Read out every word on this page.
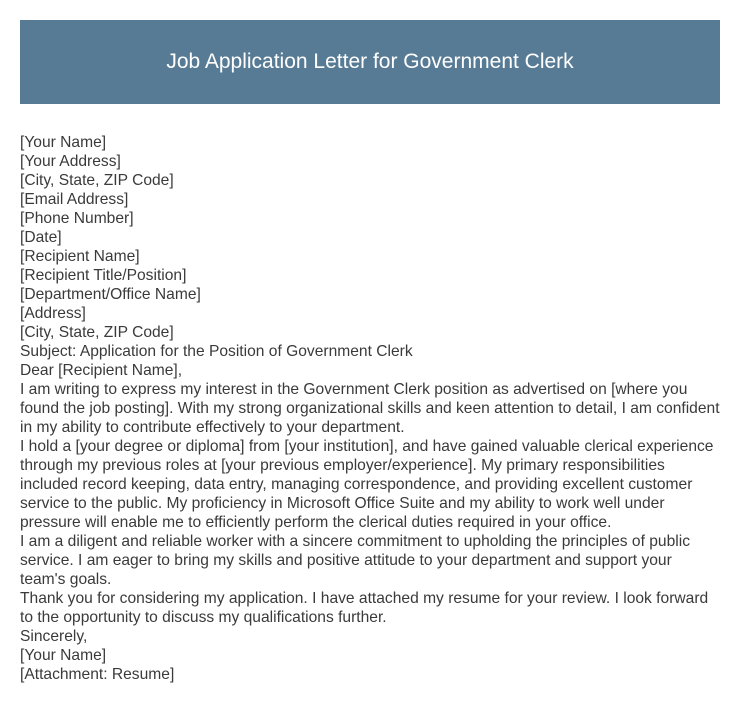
Job Application Letter for Government Clerk
[Your Name]
[Your Address]
[City, State, ZIP Code]
[Email Address]
[Phone Number]
[Date]
[Recipient Name]
[Recipient Title/Position]
[Department/Office Name]
[Address]
[City, State, ZIP Code]
Subject: Application for the Position of Government Clerk
Dear [Recipient Name],

I am writing to express my interest in the Government Clerk position as advertised on [where you found the job posting]. With my strong organizational skills and keen attention to detail, I am confident in my ability to contribute effectively to your department.

I hold a [your degree or diploma] from [your institution], and have gained valuable clerical experience through my previous roles at [your previous employer/experience]. My primary responsibilities included record keeping, data entry, managing correspondence, and providing excellent customer service to the public. My proficiency in Microsoft Office Suite and my ability to work well under pressure will enable me to efficiently perform the clerical duties required in your office.

I am a diligent and reliable worker with a sincere commitment to upholding the principles of public service. I am eager to bring my skills and positive attitude to your department and support your team's goals.

Thank you for considering my application. I have attached my resume for your review. I look forward to the opportunity to discuss my qualifications further.

Sincerely,
[Your Name]
[Attachment: Resume]
